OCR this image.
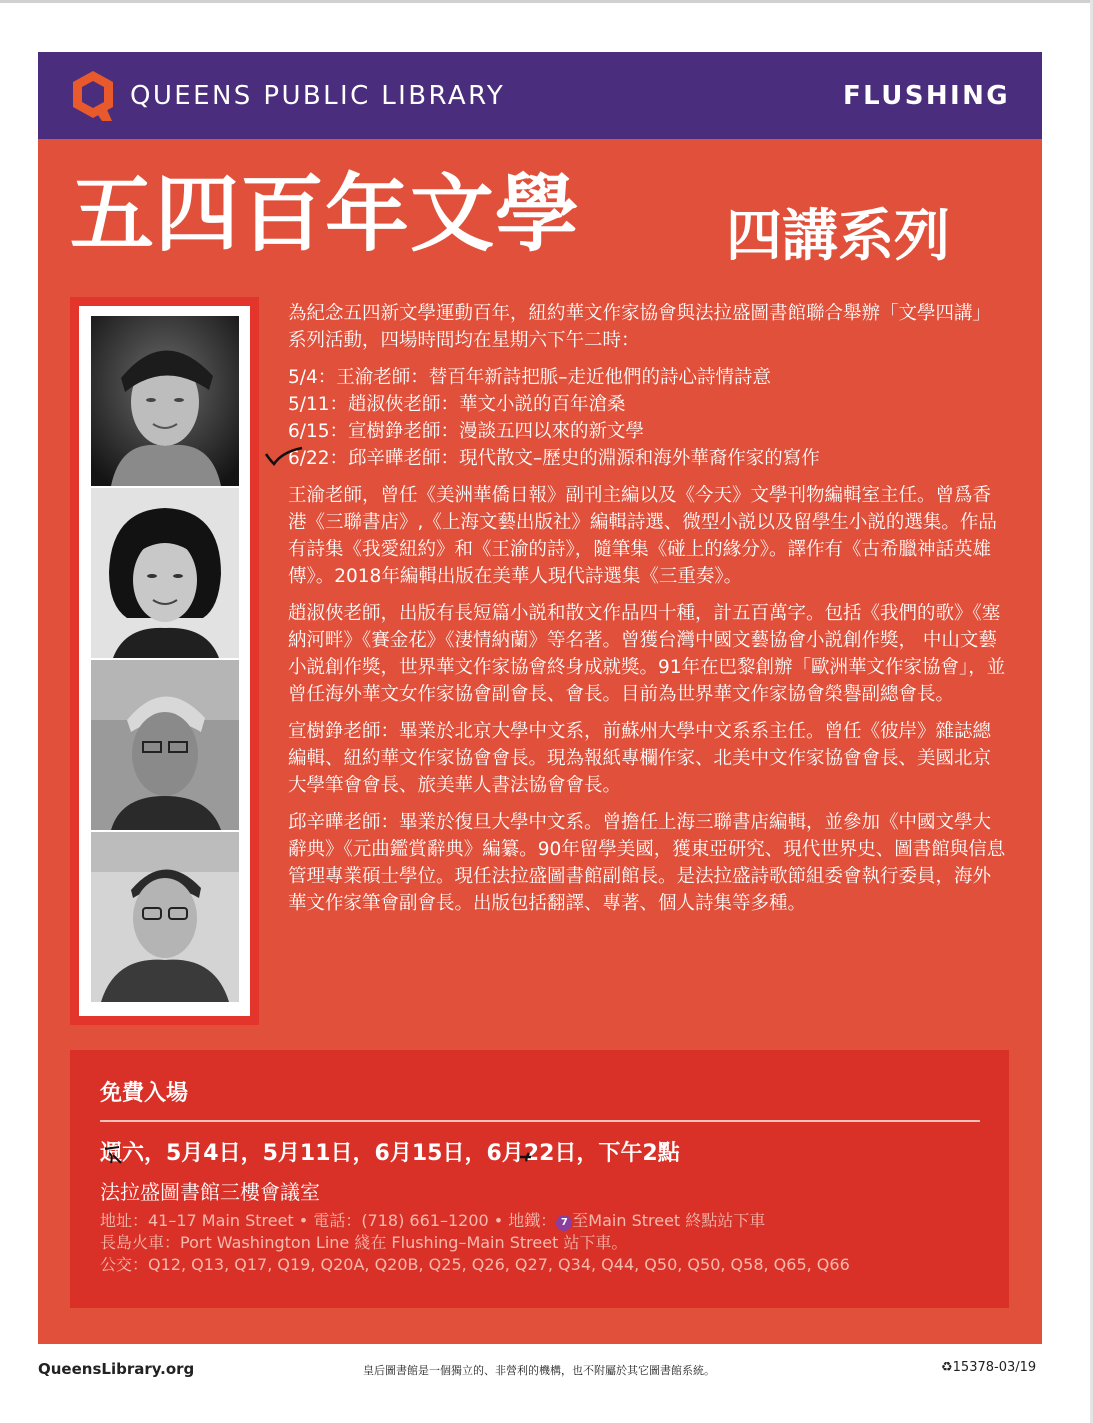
QUEENS PUBLIC LIBRARY	FLUSHING
五四百年文學	四講系列

為紀念五四新文學運動百年，紐約華文作家協會與法拉盛圖書館聯合舉辦「文學四講」系列活動，四場時間均在星期六下午二時：

5/4：王渝老師：替百年新詩把脈–走近他們的詩心詩情詩意
5/11：趙淑俠老師：華文小説的百年滄桑
6/15：宣樹錚老師：漫談五四以來的新文學
6/22：邱辛曄老師：現代散文–歷史的淵源和海外華裔作家的寫作

王渝老師，曾任《美洲華僑日報》副刊主編以及《今天》文學刊物編輯室主任。曾爲香港《三聯書店》,《上海文藝出版社》編輯詩選、微型小説以及留學生小説的選集。作品有詩集《我愛紐約》和《王渝的詩》，隨筆集《碰上的緣分》。譯作有《古希臘神話英雄傳》。2018年編輯出版在美華人現代詩選集《三重奏》。

趙淑俠老師，出版有長短篇小説和散文作品四十種，計五百萬字。包括《我們的歌》《塞納河畔》《賽金花》《淒情納蘭》等名著。曾獲台灣中國文藝協會小説創作獎， 中山文藝小説創作獎，世界華文作家協會終身成就獎。91年在巴黎創辦「歐洲華文作家協會」，並曾任海外華文女作家協會副會長、會長。目前為世界華文作家協會榮譽副總會長。

宣樹錚老師：畢業於北京大學中文系，前蘇州大學中文系系主任。曾任《彼岸》雜誌總編輯、紐約華文作家協會會長。現為報紙專欄作家、北美中文作家協會會長、美國北京大學筆會會長、旅美華人書法協會會長。

邱辛曄老師：畢業於復旦大學中文系。曾擔任上海三聯書店編輯，並參加《中國文學大辭典》《元曲鑑賞辭典》編纂。90年留學美國，獲東亞研究、現代世界史、圖書館與信息管理專業碩士學位。現任法拉盛圖書館副館長。是法拉盛詩歌節組委會執行委員，海外華文作家筆會副會長。出版包括翻譯、專著、個人詩集等多種。

免費入場
週六，5月4日，5月11日，6月15日，6月22日，下午2點
法拉盛圖書館三樓會議室
地址：41–17 Main Street • 電話：(718) 661–1200 • 地鐵： 7 至Main Street 終點站下車
長島火車：Port Washington Line 綫在 Flushing–Main Street 站下車。
公交：Q12, Q13, Q17, Q19, Q20A, Q20B, Q25, Q26, Q27, Q34, Q44, Q50, Q50, Q58, Q65, Q66
QueensLibrary.org	皇后圖書館是一個獨立的、非營利的機構，也不附屬於其它圖書館系統。	♻15378-03/19
